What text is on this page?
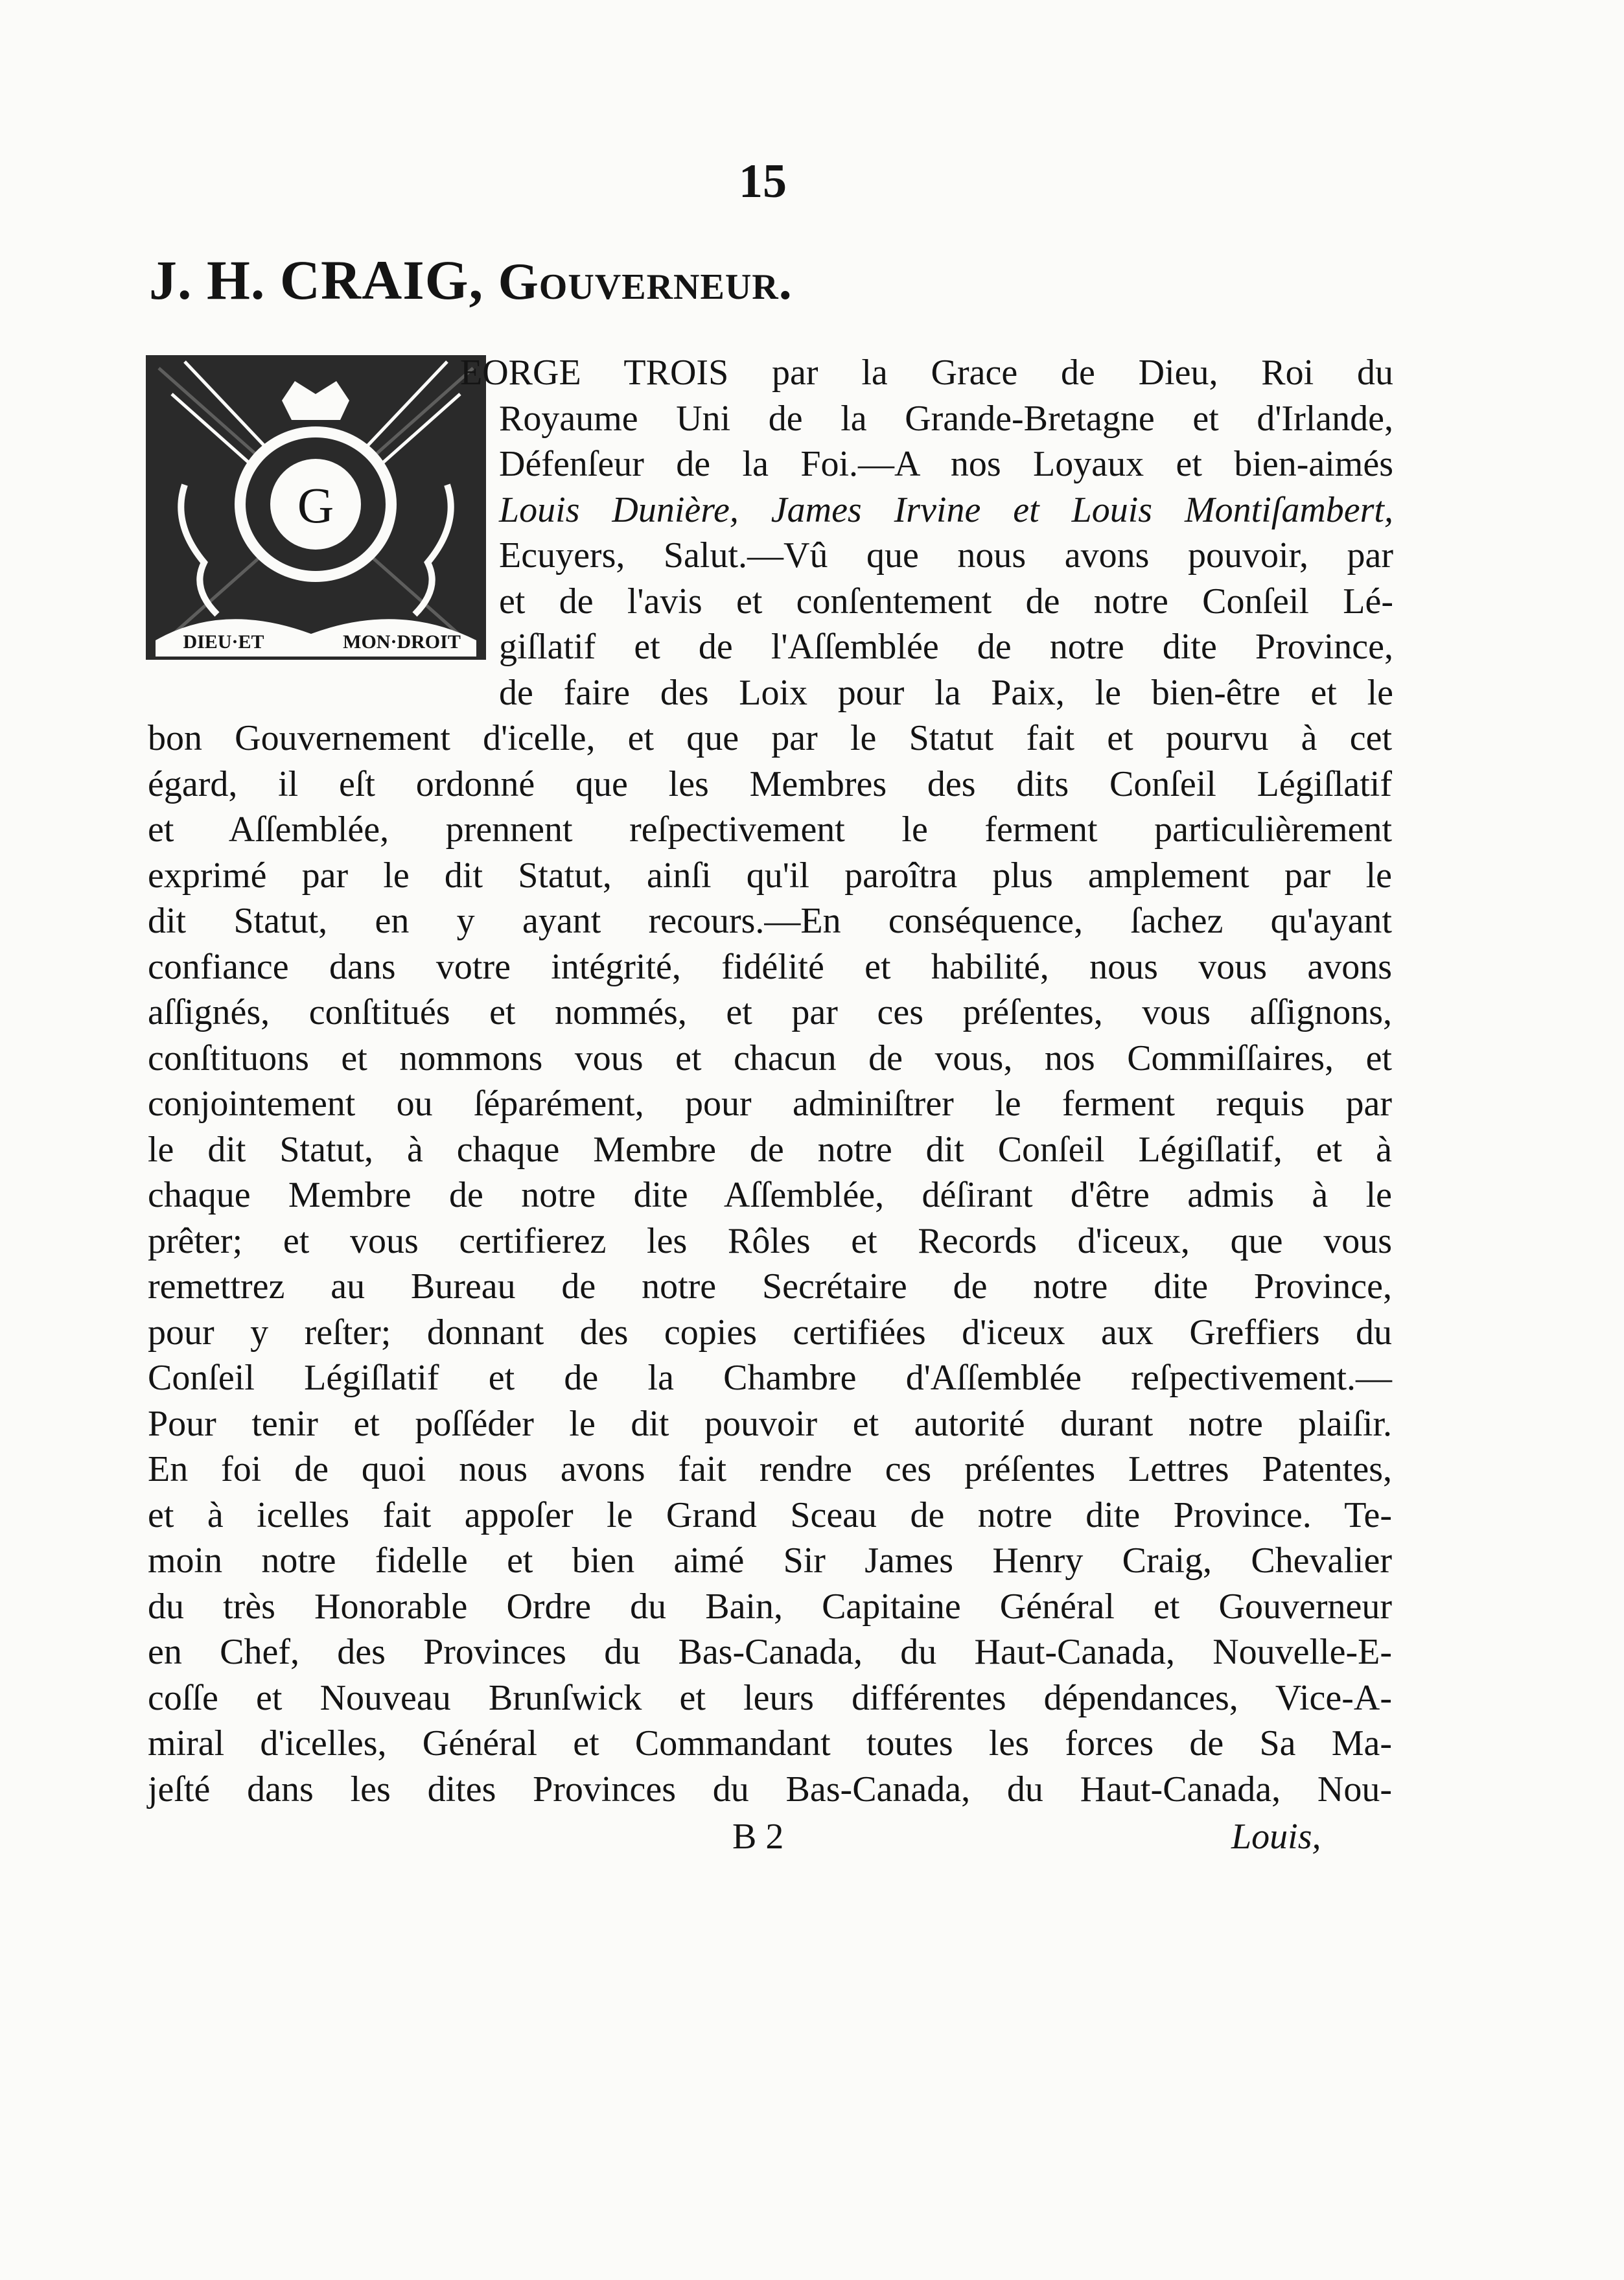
15
J. H. CRAIG, Gouverneur.
G
DIEU·ET	MON·DROIT
EORGE TROIS par la Grace de Dieu, Roi du
Royaume Uni de la Grande-Bretagne et d'Irlande,
Défenſeur de la Foi.—A nos Loyaux et bien-aimés
Louis Dunière, James Irvine et Louis Montiſambert,
Ecuyers, Salut.—Vû que nous avons pouvoir, par
et de l'avis et conſentement de notre Conſeil Lé-
giſlatif et de l'Aſſemblée de notre dite Province,
de faire des Loix pour la Paix, le bien-être et le
bon Gouvernement d'icelle, et que par le Statut fait et pourvu à cet
égard, il eſt ordonné que les Membres des dits Conſeil Légiſlatif
et Aſſemblée, prennent reſpectivement le ferment particulièrement
exprimé par le dit Statut, ainſi qu'il paroîtra plus amplement par le
dit Statut, en y ayant recours.—En conséquence, ſachez qu'ayant
confiance dans votre intégrité, fidélité et habilité, nous vous avons
aſſignés, conſtitués et nommés, et par ces préſentes, vous aſſignons,
conſtituons et nommons vous et chacun de vous, nos Commiſſaires, et
conjointement ou ſéparément, pour adminiſtrer le ferment requis par
le dit Statut, à chaque Membre de notre dit Conſeil Légiſlatif, et à
chaque Membre de notre dite Aſſemblée, déſirant d'être admis à le
prêter; et vous certifierez les Rôles et Records d'iceux, que vous
remettrez au Bureau de notre Secrétaire de notre dite Province,
pour y reſter; donnant des copies certifiées d'iceux aux Greffiers du
Conſeil Légiſlatif et de la Chambre d'Aſſemblée reſpectivement.—
Pour tenir et poſſéder le dit pouvoir et autorité durant notre plaiſir.
En foi de quoi nous avons fait rendre ces préſentes Lettres Patentes,
et à icelles fait appoſer le Grand Sceau de notre dite Province. Te-
moin notre fidelle et bien aimé Sir James Henry Craig, Chevalier
du très Honorable Ordre du Bain, Capitaine Général et Gouverneur
en Chef, des Provinces du Bas-Canada, du Haut-Canada, Nouvelle-E-
coſſe et Nouveau Brunſwick et leurs différentes dépendances, Vice-A-
miral d'icelles, Général et Commandant toutes les forces de Sa Ma-
jeſté dans les dites Provinces du Bas-Canada, du Haut-Canada, Nou-
B 2	Louis,
